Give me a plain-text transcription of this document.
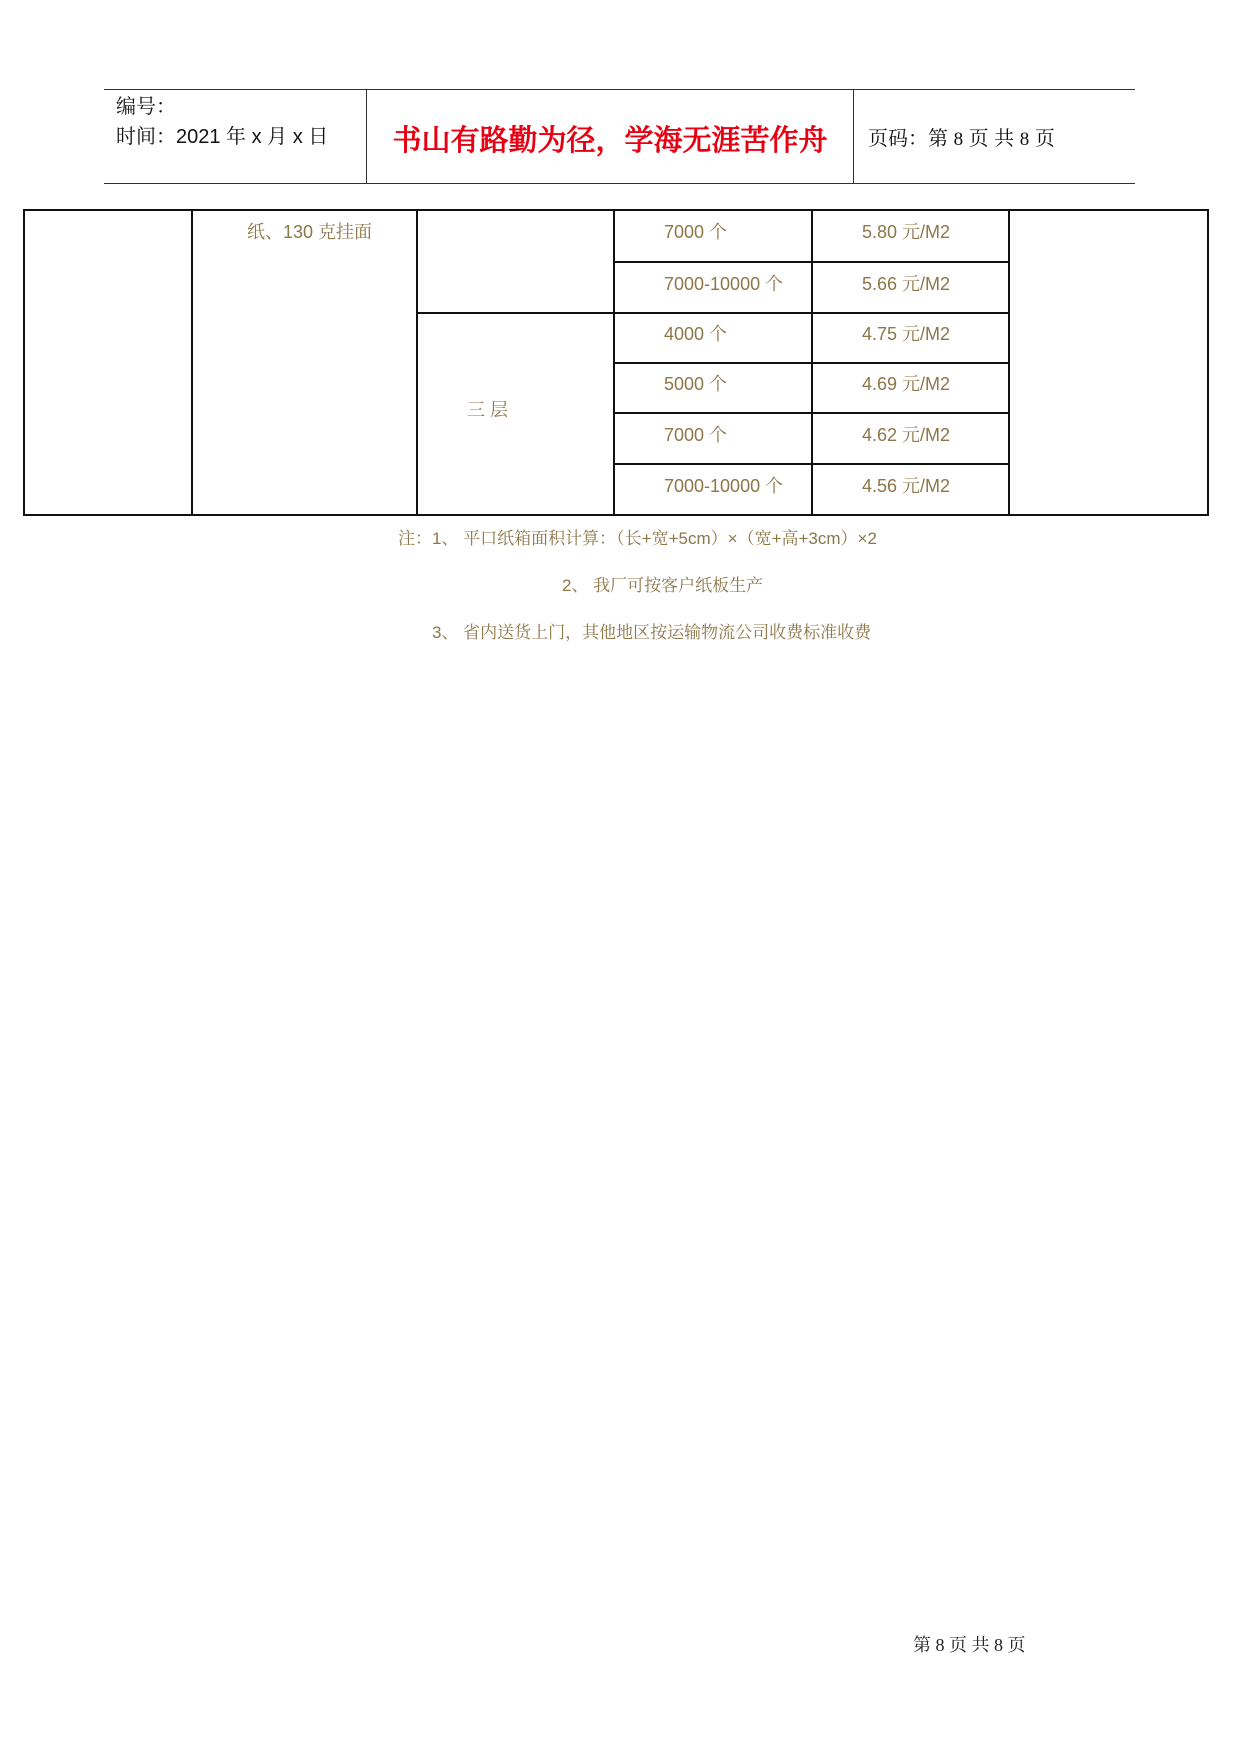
编号：
时间：2021 年 x 月 x 日	书山有路勤为径，学海无涯苦作舟	页码：第 8 页 共 8 页
纸、130 克挂面
三 层
7000 个	5.80 元/M2
7000-10000 个	5.66 元/M2
4000 个	4.75 元/M2
5000 个	4.69 元/M2
7000 个	4.62 元/M2
7000-10000 个	4.56 元/M2
注：1、 平口纸箱面积计算：（长+宽+5cm）×（宽+高+3cm）×2
2、 我厂可按客户纸板生产
3、 省内送货上门，其他地区按运输物流公司收费标准收费
第 8 页 共 8 页
